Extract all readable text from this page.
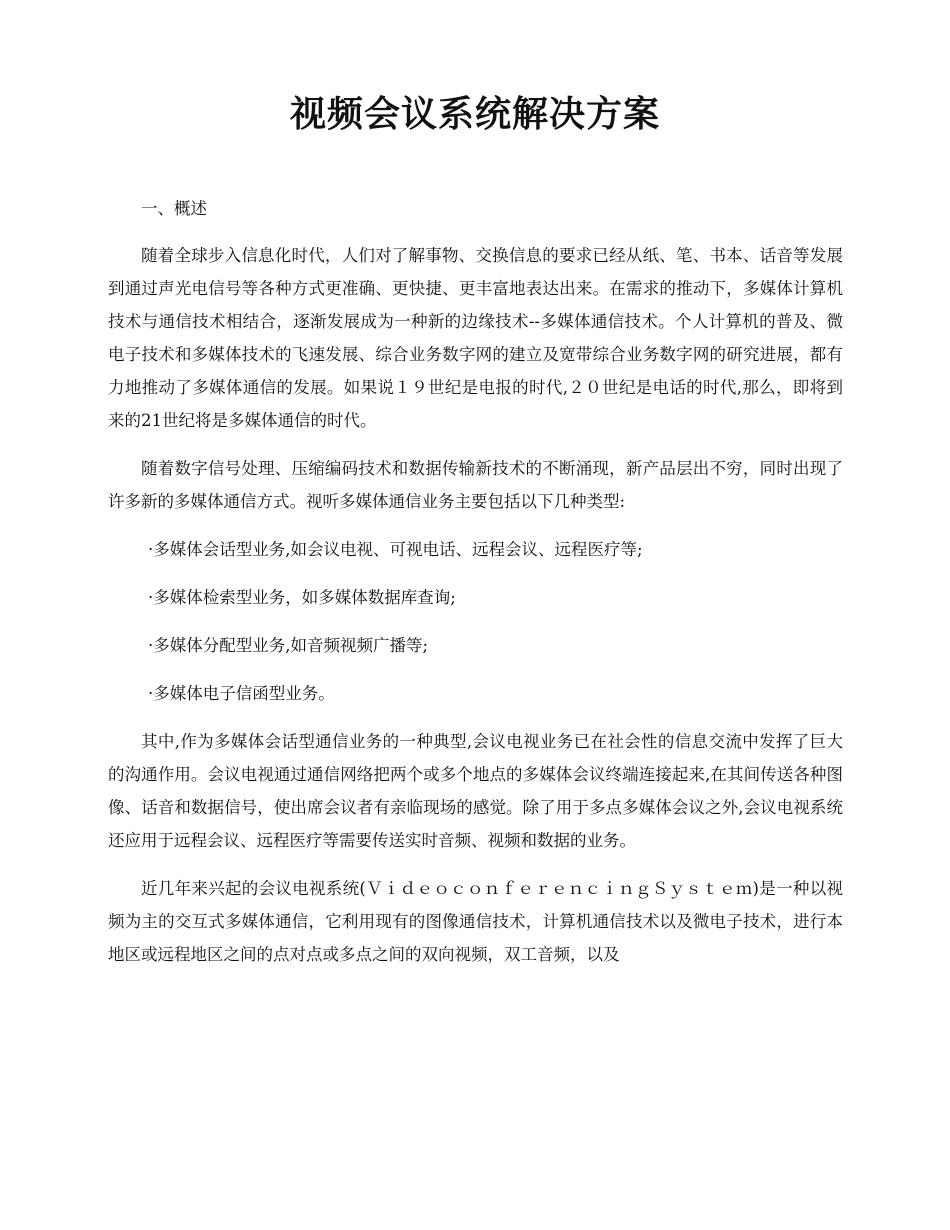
视频会议系统解决方案

一、概述

随着全球步入信息化时代，人们对了解事物、交换信息的要求已经从纸、笔、书本、话音等发展到通过声光电信号等各种方式更准确、更快捷、更丰富地表达出来。在需求的推动下，多媒体计算机技术与通信技术相结合，逐渐发展成为一种新的边缘技术--多媒体通信技术。个人计算机的普及、微电子技术和多媒体技术的飞速发展、综合业务数字网的建立及宽带综合业务数字网的研究进展，都有力地推动了多媒体通信的发展。如果说１９世纪是电报的时代,２０世纪是电话的时代,那么，即将到来的21世纪将是多媒体通信的时代。

随着数字信号处理、压缩编码技术和数据传输新技术的不断涌现，新产品层出不穷，同时出现了许多新的多媒体通信方式。视听多媒体通信业务主要包括以下几种类型:

·多媒体会话型业务,如会议电视、可视电话、远程会议、远程医疗等;
·多媒体检索型业务，如多媒体数据库查询;
·多媒体分配型业务,如音频视频广播等;
·多媒体电子信函型业务。

其中,作为多媒体会话型通信业务的一种典型,会议电视业务已在社会性的信息交流中发挥了巨大的沟通作用。会议电视通过通信网络把两个或多个地点的多媒体会议终端连接起来,在其间传送各种图像、话音和数据信号，使出席会议者有亲临现场的感觉。除了用于多点多媒体会议之外,会议电视系统还应用于远程会议、远程医疗等需要传送实时音频、视频和数据的业务。

近几年来兴起的会议电视系统(ＶｉｄｅｏｃｏｎｆｅｒｅｎｃｉｎｇＳｙｓｔｅｍ)是一种以视频为主的交互式多媒体通信，它利用现有的图像通信技术，计算机通信技术以及微电子技术，进行本地区或远程地区之间的点对点或多点之间的双向视频，双工音频，以及
